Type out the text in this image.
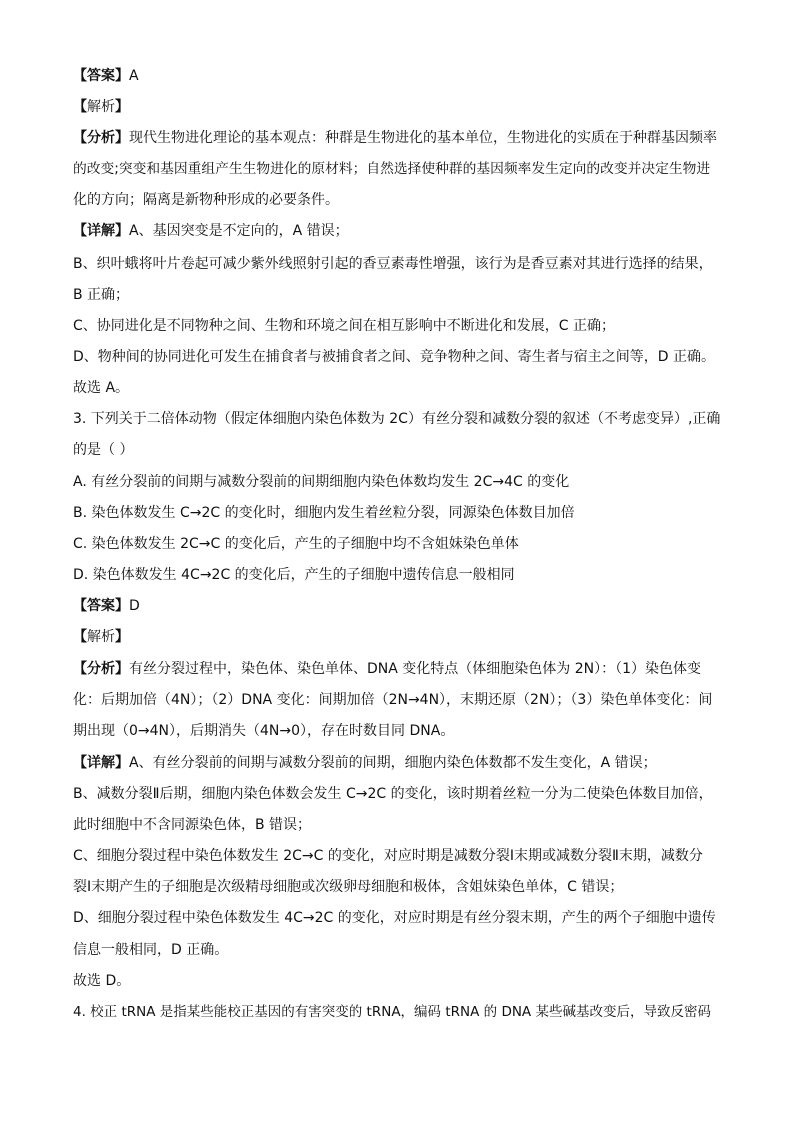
【答案】A
【解析】
【分析】现代生物进化理论的基本观点：种群是生物进化的基本单位，生物进化的实质在于种群基因频率
的改变;突变和基因重组产生生物进化的原材料；自然选择使种群的基因频率发生定向的改变并决定生物进
化的方向；隔离是新物种形成的必要条件。
【详解】A、基因突变是不定向的，A 错误；
B、织叶蛾将叶片卷起可减少紫外线照射引起的香豆素毒性增强，该行为是香豆素对其进行选择的结果，
B 正确；
C、协同进化是不同物种之间、生物和环境之间在相互影响中不断进化和发展，C 正确；
D、物种间的协同进化可发生在捕食者与被捕食者之间、竞争物种之间、寄生者与宿主之间等，D 正确。
故选 A。
3. 下列关于二倍体动物（假定体细胞内染色体数为 2C）有丝分裂和减数分裂的叙述（不考虑变异）,正确
的是（ ）
A. 有丝分裂前的间期与减数分裂前的间期细胞内染色体数均发生 2C→4C 的变化
B. 染色体数发生 C→2C 的变化时，细胞内发生着丝粒分裂，同源染色体数目加倍
C. 染色体数发生 2C→C 的变化后，产生的子细胞中均不含姐妹染色单体
D. 染色体数发生 4C→2C 的变化后，产生的子细胞中遗传信息一般相同
【答案】D
【解析】
【分析】有丝分裂过程中，染色体、染色单体、DNA 变化特点（体细胞染色体为 2N）：（1）染色体变
化：后期加倍（4N）；（2）DNA 变化：间期加倍（2N→4N），末期还原（2N）；（3）染色单体变化：间
期出现（0→4N），后期消失（4N→0），存在时数目同 DNA。
【详解】A、有丝分裂前的间期与减数分裂前的间期，细胞内染色体数都不发生变化，A 错误；
B、减数分裂Ⅱ后期，细胞内染色体数会发生 C→2C 的变化，该时期着丝粒一分为二使染色体数目加倍，
此时细胞中不含同源染色体，B 错误；
C、细胞分裂过程中染色体数发生 2C→C 的变化，对应时期是减数分裂Ⅰ末期或减数分裂Ⅱ末期，减数分
裂Ⅰ末期产生的子细胞是次级精母细胞或次级卵母细胞和极体，含姐妹染色单体，C 错误；
D、细胞分裂过程中染色体数发生 4C→2C 的变化，对应时期是有丝分裂末期，产生的两个子细胞中遗传
信息一般相同，D 正确。
故选 D。
4. 校正 tRNA 是指某些能校正基因的有害突变的 tRNA，编码 tRNA 的 DNA 某些碱基改变后，导致反密码
